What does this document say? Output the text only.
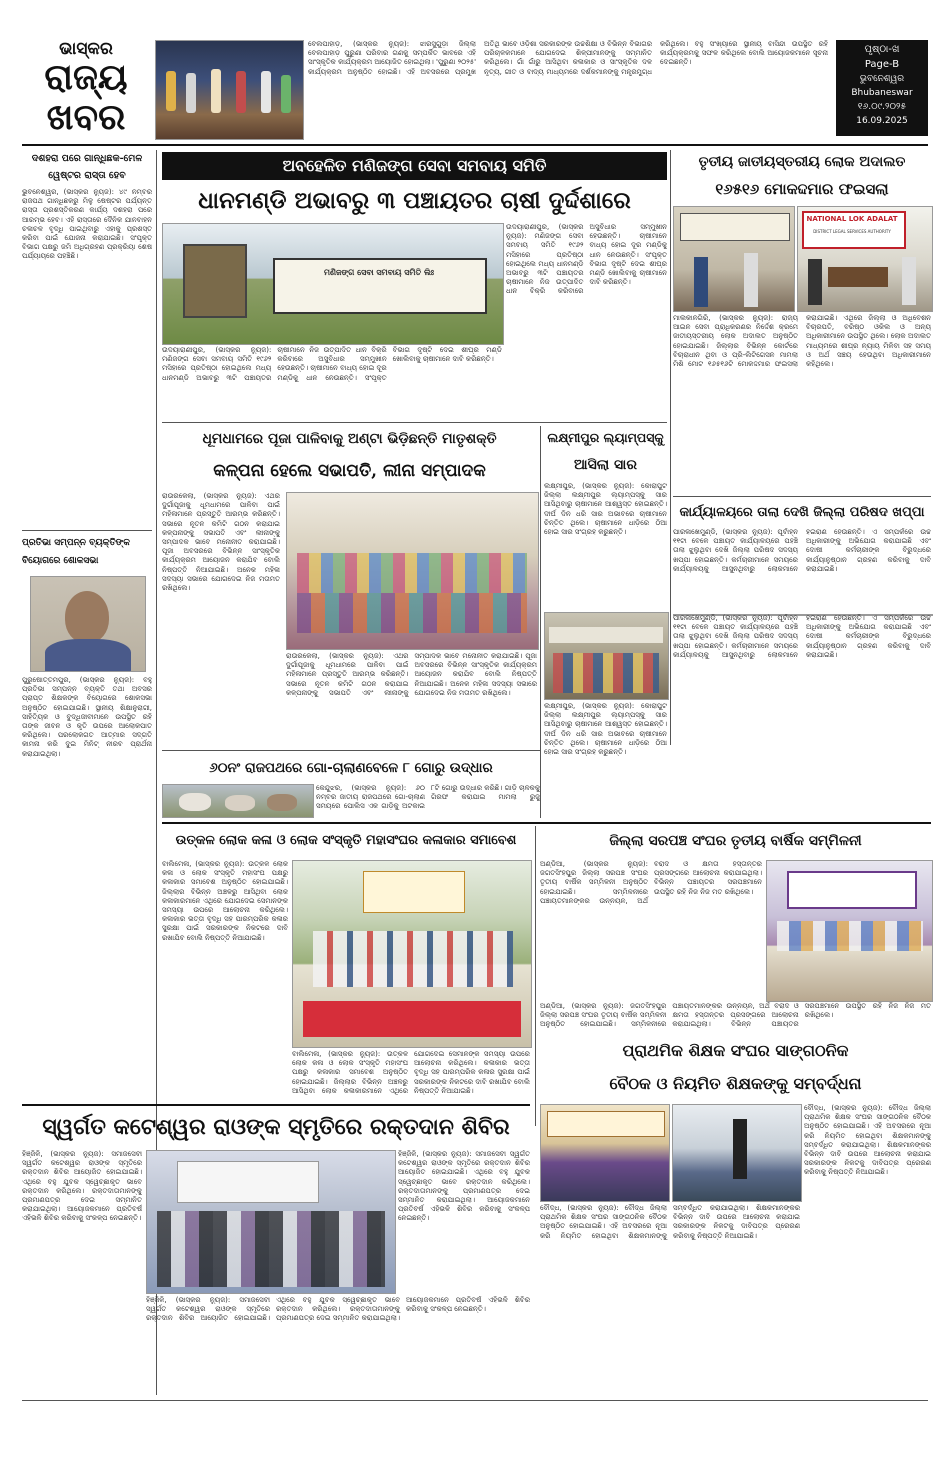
ଭାସ୍କର
ରାଜ୍ୟ
ଖବର
ବେଲପାହାଡ଼, (ଭାସ୍କର ନ୍ୟୁଜ): ଝାରସୁଗୁଡ଼ା ଜିଲ୍ଲା ବେଲପାହାଡ଼ ପୁରୁଣା ପରିବାର ଗଣକୁ ସମ୍ପର୍କିତ ଭାବରେ ଏହି ସାଂସ୍କୃତିକ କାର୍ଯ୍ୟକ୍ରମ ଆୟୋଜିତ ହୋଇଥିଲା। 'ପୁରୁଣା ୨୦୨୫' କାର୍ଯ୍ୟକ୍ରମ ଅନୁଷ୍ଠିତ ହୋଇଛି। ଏହି ଅବସରରେ ପ୍ରମୁଖ ଅତିଥି ଭାବେ ଓଡ଼ିଶା ସରକାରଙ୍କ ଉଚ୍ଚଶିକ୍ଷା ଓ ବିଭିନ୍ନ ବିଭାଗର ପରିଚାଳକମାନେ ଯୋଗଦେଇ ଶିଳ୍ପୀମାନଙ୍କୁ ସମ୍ମାନିତ କରିଥିଲେ। ଗାଁ ଗାଁରୁ ଆସିଥିବା କଳାକାର ଓ ସାଂସ୍କୃତିକ ଦଳ ନୃତ୍ୟ, ଗୀତ ଓ ବାଦ୍ୟ ମାଧ୍ୟମରେ ଦର୍ଶକମାନଙ୍କୁ ମନ୍ତ୍ରମୁଗ୍ଧ କରିଥିଲେ। ବହୁ ସଂଖ୍ୟାରେ ସ୍ଥାନୀୟ ବାସିନ୍ଦା ଉପସ୍ଥିତ ରହି କାର୍ଯ୍ୟକ୍ରମକୁ ସଫଳ କରିଥିଲେ ବୋଲି ଆୟୋଜକମାନେ ସୂଚନା ଦେଇଛନ୍ତି।
ପୃଷ୍ଠା-ଖ
Page-B
ଭୁବନେଶ୍ୱର
Bhubaneswar
୧୬.୦୯.୨୦୨୫
16.09.2025
ଦଶହରା ପରେ ଗାନ୍ଧିଛକ-ମେଳ ୱେଷ୍ଟର ରାସ୍ତା ହେବ
ଭୁବନେଶ୍ୱର, (ଭାସ୍କର ନ୍ୟୁଜ): ୪୯ ନମ୍ବର ରାଜପଥ ଗାନ୍ଧିଛକରୁ ମିଳୁ ଷେଷ୍ଟର ପର୍ଯ୍ୟନ୍ତ ରାସ୍ତା ପ୍ରଶସ୍ତିକରଣ କାର୍ଯ୍ୟ ଦଶହରା ପରେ ଆରମ୍ଭ ହେବ। ଏହି ରାସ୍ତାରେ ଦୈନିକ ଯାନବାହନ ଚଳାଚଳ ବୃଦ୍ଧି ପାଇଥିବାରୁ ଏହାକୁ ପ୍ରଶସ୍ତ କରିବା ପାଇଁ ଯୋଜନା କରାଯାଇଛି। ସଂପୃକ୍ତ ବିଭାଗ ପକ୍ଷରୁ ଜମି ଅଧିଗ୍ରହଣ ପ୍ରକ୍ରିୟା ଶେଷ ପର୍ଯ୍ୟାୟରେ ପହଞ୍ଚିଛି।
ପ୍ରତିଭା ସମ୍ପନ୍ନ ବ୍ୟକ୍ତିଙ୍କ ବିୟୋଗରେ ଶୋକସଭା
ପୁରୁଷୋତ୍ତମପୁର, (ଭାସ୍କର ନ୍ୟୁଜ): ବହୁ ପ୍ରତିଭା ସମ୍ପନ୍ନ ବ୍ୟକ୍ତି ତଥା ଅବସର ପ୍ରାପ୍ତ ଶିକ୍ଷକଙ୍କ ବିୟୋଗରେ ଶୋକସଭା ଅନୁଷ୍ଠିତ ହୋଇଯାଇଛି। ସ୍ଥାନୀୟ ଶିକ୍ଷାନୁରାଗୀ, ସାହିତ୍ୟିକ ଓ ବୁଦ୍ଧିଜୀବୀମାନେ ଉପସ୍ଥିତ ରହି ତାଙ୍କ ଜୀବନ ଓ କୃତି ଉପରେ ଆଲୋକପାତ କରିଥିଲେ। ପରଲୋକଗତ ଆତ୍ମାର ସଦ୍‌ଗତି କାମନା କରି ଦୁଇ ମିନିଟ୍ ନୀରବ ପ୍ରାର୍ଥନା କରାଯାଇଥିଲା।
ଅବହେଳିତ ମଣିଜଙ୍ଗ ସେବା ସମବାୟ ସମିତି
ଧାନମଣ୍ଡି ଅଭାବରୁ ୩ ପଞ୍ଚାୟତର ଚାଷୀ ଦୁର୍ଦ୍ଦଶାରେ
ମଣିଜଙ୍ଗ ସେବା ସମବାୟ ସମିତି ଲିଃ
ଉଦୟାରାଣୀପୁର, (ଭାସ୍କର ନ୍ୟୁଜ): ମଣିଜଙ୍ଗ ସେବା ସମବାୟ ସମିତି ୧୯୬୨ ମସିହାରେ ପ୍ରତିଷ୍ଠା ହୋଇଥିଲେ ମଧ୍ୟ ଧାନମଣ୍ଡି ଅଭାବରୁ ୩ଟି ପଞ୍ଚାୟତର ଚାଷୀମାନେ ନିଜ ଉତ୍ପାଦିତ ଧାନ ବିକ୍ରି କରିବାରେ ଅସୁବିଧାର ସମ୍ମୁଖୀନ ହେଉଛନ୍ତି। ଚାଷୀମାନେ ବାଧ୍ୟ ହୋଇ ଦୂର ମଣ୍ଡିକୁ ଧାନ ନେଉଛନ୍ତି। ସଂପୃକ୍ତ ବିଭାଗ ଦୃଷ୍ଟି ଦେଇ ଶୀଘ୍ର ମଣ୍ଡି ଖୋଲିବାକୁ ଚାଷୀମାନେ ଦାବି କରିଛନ୍ତି।
ଉଦୟାରାଣୀପୁର, (ଭାସ୍କର ନ୍ୟୁଜ): ମଣିଜଙ୍ଗ ସେବା ସମବାୟ ସମିତି ୧୯୬୨ ମସିହାରେ ପ୍ରତିଷ୍ଠା ହୋଇଥିଲେ ମଧ୍ୟ ଧାନମଣ୍ଡି ଅଭାବରୁ ୩ଟି ପଞ୍ଚାୟତର ଚାଷୀମାନେ ନିଜ ଉତ୍ପାଦିତ ଧାନ ବିକ୍ରି କରିବାରେ ଅସୁବିଧାର ସମ୍ମୁଖୀନ ହେଉଛନ୍ତି। ଚାଷୀମାନେ ବାଧ୍ୟ ହୋଇ ଦୂର ମଣ୍ଡିକୁ ଧାନ ନେଉଛନ୍ତି। ସଂପୃକ୍ତ ବିଭାଗ ଦୃଷ୍ଟି ଦେଇ ଶୀଘ୍ର ମଣ୍ଡି ଖୋଲିବାକୁ ଚାଷୀମାନେ ଦାବି କରିଛନ୍ତି।
ତୃତୀୟ ଜାତୀୟସ୍ତରୀୟ ଲୋକ ଅଦାଲତ
୧୬୫୧୬ ମୋକଦ୍ଦମାର ଫଇସଲା
NATIONAL LOK ADALAT
DISTRICT LEGAL SERVICES AUTHORITY
ମାଲକାନଗିରି, (ଭାସ୍କର ନ୍ୟୁଜ): ରାଜ୍ୟ ଆଇନ ସେବା ପ୍ରାଧିକରଣର ନିର୍ଦ୍ଦେଶ କ୍ରମେ ଜାତୀୟସ୍ତରୀୟ ଲୋକ ଅଦାଲତ ଅନୁଷ୍ଠିତ ହୋଇଯାଇଛି। ଜିଲ୍ଲାର ବିଭିନ୍ନ କୋର୍ଟରେ ବିଚାରାଧୀନ ଥିବା ଓ ପ୍ରି-ଲିଟିଗେସନ ମାମଲା ମିଶି ମୋଟ ୧୬୫୧୬ଟି ମୋକଦ୍ଦମାର ଫଇସଲା କରାଯାଇଛି। ଏଥିରେ ଜିଲ୍ଲା ଓ ଅଧିବେଶନ ବିଚାରପତି, ବରିଷ୍ଠ ଓକିଲ ଓ ଅନ୍ୟ ଅଧିକାରୀମାନେ ଉପସ୍ଥିତ ଥିଲେ। ଲୋକ ଅଦାଲତ ମାଧ୍ୟମରେ ଶୀଘ୍ର ନ୍ୟାୟ ମିଳିବା ସହ ସମୟ ଓ ଅର୍ଥ ସଞ୍ଚୟ ହେଉଥିବା ଅଧିକାରୀମାନେ କହିଥିଲେ।
ଧୂମଧାମରେ ପୂଜା ପାଳିବାକୁ ଅଣ୍ଟା ଭିଡ଼ିଛନ୍ତି ମାତୃଶକ୍ତି
କଳ୍ପନା ହେଲେ ସଭାପତି, ଲୀନା ସମ୍ପାଦକ
ରାଉରକେଲା, (ଭାସ୍କର ନ୍ୟୁଜ): ଏଥର ଦୁର୍ଗାପୂଜାକୁ ଧୂମଧାମରେ ପାଳିବା ପାଇଁ ମହିଳାମାନେ ପ୍ରସ୍ତୁତି ଆରମ୍ଭ କରିଛନ୍ତି। ସଭାରେ ନୂତନ କମିଟି ଗଠନ କରାଯାଇ କଳ୍ପନାଙ୍କୁ ସଭାପତି ଏବଂ ଲୀନାଙ୍କୁ ସମ୍ପାଦକ ଭାବେ ମନୋନୀତ କରାଯାଇଛି। ପୂଜା ଅବସରରେ ବିଭିନ୍ନ ସାଂସ୍କୃତିକ କାର୍ଯ୍ୟକ୍ରମ ଆୟୋଜନ କରାଯିବ ବୋଲି ନିଷ୍ପତ୍ତି ନିଆଯାଇଛି। ଅନେକ ମହିଳା ସଦସ୍ୟା ସଭାରେ ଯୋଗଦେଇ ନିଜ ମତାମତ ରଖିଥିଲେ।
ରାଉରକେଲା, (ଭାସ୍କର ନ୍ୟୁଜ): ଏଥର ଦୁର୍ଗାପୂଜାକୁ ଧୂମଧାମରେ ପାଳିବା ପାଇଁ ମହିଳାମାନେ ପ୍ରସ୍ତୁତି ଆରମ୍ଭ କରିଛନ୍ତି। ସଭାରେ ନୂତନ କମିଟି ଗଠନ କରାଯାଇ କଳ୍ପନାଙ୍କୁ ସଭାପତି ଏବଂ ଲୀନାଙ୍କୁ ସମ୍ପାଦକ ଭାବେ ମନୋନୀତ କରାଯାଇଛି। ପୂଜା ଅବସରରେ ବିଭିନ୍ନ ସାଂସ୍କୃତିକ କାର୍ଯ୍ୟକ୍ରମ ଆୟୋଜନ କରାଯିବ ବୋଲି ନିଷ୍ପତ୍ତି ନିଆଯାଇଛି। ଅନେକ ମହିଳା ସଦସ୍ୟା ସଭାରେ ଯୋଗଦେଇ ନିଜ ମତାମତ ରଖିଥିଲେ।
ଲକ୍ଷ୍ମୀପୁର ଲ୍ୟାମ୍ପସ୍‌କୁ
ଆସିଲା ସାର
ଲକ୍ଷ୍ମୀପୁର, (ଭାସ୍କର ନ୍ୟୁଜ): କୋରାପୁଟ ଜିଲ୍ଲା ଲକ୍ଷ୍ମୀପୁର ଲ୍ୟାମ୍ପସ୍‌କୁ ସାର ଆସିଥିବାରୁ ଚାଷୀମାନେ ଆଶ୍ୱସ୍ତ ହୋଇଛନ୍ତି। ଦୀର୍ଘ ଦିନ ଧରି ସାର ଅଭାବରେ ଚାଷୀମାନେ ଚିନ୍ତିତ ଥିଲେ। ଚାଷୀମାନେ ଧାଡ଼ିରେ ଠିଆ ହୋଇ ସାର ସଂଗ୍ରହ କରୁଛନ୍ତି।
ଲକ୍ଷ୍ମୀପୁର, (ଭାସ୍କର ନ୍ୟୁଜ): କୋରାପୁଟ ଜିଲ୍ଲା ଲକ୍ଷ୍ମୀପୁର ଲ୍ୟାମ୍ପସ୍‌କୁ ସାର ଆସିଥିବାରୁ ଚାଷୀମାନେ ଆଶ୍ୱସ୍ତ ହୋଇଛନ୍ତି। ଦୀର୍ଘ ଦିନ ଧରି ସାର ଅଭାବରେ ଚାଷୀମାନେ ଚିନ୍ତିତ ଥିଲେ। ଚାଷୀମାନେ ଧାଡ଼ିରେ ଠିଆ ହୋଇ ସାର ସଂଗ୍ରହ କରୁଛନ୍ତି।
କାର୍ଯ୍ୟାଳୟରେ ତାଲା ଦେଖି ଜିଲ୍ଲା ପରିଷଦ ଖପ୍ପା
ପାରଳାଖେମୁଣ୍ଡି, (ଭାସ୍କର ନ୍ୟୁଜ): ପୂର୍ବାହ୍ନ ୧୧ଟା ବେଳେ ପଞ୍ଚାୟତ କାର୍ଯ୍ୟାଳୟରେ ପହଞ୍ଚି ତାଲା ଝୁଲୁଥିବା ଦେଖି ଜିଲ୍ଲା ପରିଷଦ ସଦସ୍ୟ ଖପ୍ପା ହୋଇଛନ୍ତି। କର୍ମଚାରୀମାନେ ସମୟରେ କାର୍ଯ୍ୟାଳୟକୁ ଆସୁନଥିବାରୁ ଲୋକମାନେ ହଇରାଣ ହେଉଛନ୍ତି। ଏ ସମ୍ପର୍କରେ ଉଚ୍ଚ ଅଧିକାରୀଙ୍କୁ ଅଭିଯୋଗ କରାଯାଇଛି ଏବଂ ଦୋଷୀ କର୍ମଚାରୀଙ୍କ ବିରୁଦ୍ଧରେ କାର୍ଯ୍ୟାନୁଷ୍ଠାନ ଗ୍ରହଣ କରିବାକୁ ଦାବି କରାଯାଇଛି।
ପାରଳାଖେମୁଣ୍ଡି, (ଭାସ୍କର ନ୍ୟୁଜ): ପୂର୍ବାହ୍ନ ୧୧ଟା ବେଳେ ପଞ୍ଚାୟତ କାର୍ଯ୍ୟାଳୟରେ ପହଞ୍ଚି ତାଲା ଝୁଲୁଥିବା ଦେଖି ଜିଲ୍ଲା ପରିଷଦ ସଦସ୍ୟ ଖପ୍ପା ହୋଇଛନ୍ତି। କର୍ମଚାରୀମାନେ ସମୟରେ କାର୍ଯ୍ୟାଳୟକୁ ଆସୁନଥିବାରୁ ଲୋକମାନେ ହଇରାଣ ହେଉଛନ୍ତି। ଏ ସମ୍ପର୍କରେ ଉଚ୍ଚ ଅଧିକାରୀଙ୍କୁ ଅଭିଯୋଗ କରାଯାଇଛି ଏବଂ ଦୋଷୀ କର୍ମଚାରୀଙ୍କ ବିରୁଦ୍ଧରେ କାର୍ଯ୍ୟାନୁଷ୍ଠାନ ଗ୍ରହଣ କରିବାକୁ ଦାବି କରାଯାଇଛି।
୬୦ନଂ ରାଜପଥରେ ଗୋ-ଚାଲାଣବେଳେ ୮ ଗୋରୁ ଉଦ୍ଧାର
କେନ୍ଦୁଝର, (ଭାସ୍କର ନ୍ୟୁଜ): ୬୦ ନମ୍ବର ଜାତୀୟ ରାଜପଥରେ ଗୋ-ଚାଲାଣ ସମୟରେ ପୋଲିସ ଏକ ଗାଡ଼ିକୁ ଅଟକାଇ ୮ଟି ଗୋରୁ ଉଦ୍ଧାର କରିଛି। ଗାଡ଼ି ଚାଳକକୁ ଗିରଫ କରାଯାଇ ମାମଲା ରୁଜୁ
ଉତ୍କଳ ଲୋକ କଳା ଓ ଲୋକ ସଂସ୍କୃତି ମହାସଂଘର କଳାକାର ସମାବେଶ
ବାଲିମେଳା, (ଭାସ୍କର ନ୍ୟୁଜ): ଉତ୍କଳ ଲୋକ କଳା ଓ ଲୋକ ସଂସ୍କୃତି ମହାସଂଘ ପକ୍ଷରୁ କଳାକାର ସମାବେଶ ଅନୁଷ୍ଠିତ ହୋଇଯାଇଛି। ଜିଲ୍ଲାର ବିଭିନ୍ନ ଅଞ୍ଚଳରୁ ଆସିଥିବା ଲୋକ କଳାକାରମାନେ ଏଥିରେ ଯୋଗଦେଇ ସେମାନଙ୍କ ସମସ୍ୟା ଉପରେ ଆଲୋଚନା କରିଥିଲେ। କଳାକାର ଭତ୍ତା ବୃଦ୍ଧି ସହ ପାରମ୍ପରିକ କଳାର ସୁରକ୍ଷା ପାଇଁ ସରକାରଙ୍କ ନିକଟରେ ଦାବି ରଖାଯିବ ବୋଲି ନିଷ୍ପତ୍ତି ନିଆଯାଇଛି।
ବାଲିମେଳା, (ଭାସ୍କର ନ୍ୟୁଜ): ଉତ୍କଳ ଲୋକ କଳା ଓ ଲୋକ ସଂସ୍କୃତି ମହାସଂଘ ପକ୍ଷରୁ କଳାକାର ସମାବେଶ ଅନୁଷ୍ଠିତ ହୋଇଯାଇଛି। ଜିଲ୍ଲାର ବିଭିନ୍ନ ଅଞ୍ଚଳରୁ ଆସିଥିବା ଲୋକ କଳାକାରମାନେ ଏଥିରେ ଯୋଗଦେଇ ସେମାନଙ୍କ ସମସ୍ୟା ଉପରେ ଆଲୋଚନା କରିଥିଲେ। କଳାକାର ଭତ୍ତା ବୃଦ୍ଧି ସହ ପାରମ୍ପରିକ କଳାର ସୁରକ୍ଷା ପାଇଁ ସରକାରଙ୍କ ନିକଟରେ ଦାବି ରଖାଯିବ ବୋଲି ନିଷ୍ପତ୍ତି ନିଆଯାଇଛି।
ଜିଲ୍ଲା ସରପଞ୍ଚ ସଂଘର ତୃତୀୟ ବାର୍ଷିକ ସମ୍ମିଳନୀ
ଅଣ୍ଡିଆ, (ଭାସ୍କର ନ୍ୟୁଜ): ଜଗତସିଂହପୁର ଜିଲ୍ଲା ସରପଞ୍ଚ ସଂଘର ତୃତୀୟ ବାର୍ଷିକ ସମ୍ମିଳନୀ ଅନୁଷ୍ଠିତ ହୋଇଯାଇଛି। ସମ୍ମିଳନୀରେ ପଞ୍ଚାୟତମାନଙ୍କର ଉନ୍ନୟନ, ଅର୍ଥ ବରାଦ ଓ କ୍ଷମତା ହସ୍ତାନ୍ତର ପ୍ରସଙ୍ଗରେ ଆଲୋଚନା କରାଯାଇଥିଲା। ବିଭିନ୍ନ ପଞ୍ଚାୟତର ସରପଞ୍ଚମାନେ ଉପସ୍ଥିତ ରହି ନିଜ ନିଜ ମତ ରଖିଥିଲେ।
ଅଣ୍ଡିଆ, (ଭାସ୍କର ନ୍ୟୁଜ): ଜଗତସିଂହପୁର ଜିଲ୍ଲା ସରପଞ୍ଚ ସଂଘର ତୃତୀୟ ବାର୍ଷିକ ସମ୍ମିଳନୀ ଅନୁଷ୍ଠିତ ହୋଇଯାଇଛି। ସମ୍ମିଳନୀରେ ପଞ୍ଚାୟତମାନଙ୍କର ଉନ୍ନୟନ, ଅର୍ଥ ବରାଦ ଓ କ୍ଷମତା ହସ୍ତାନ୍ତର ପ୍ରସଙ୍ଗରେ ଆଲୋଚନା କରାଯାଇଥିଲା। ବିଭିନ୍ନ ପଞ୍ଚାୟତର ସରପଞ୍ଚମାନେ ଉପସ୍ଥିତ ରହି ନିଜ ନିଜ ମତ ରଖିଥିଲେ।
ପ୍ରାଥମିକ ଶିକ୍ଷକ ସଂଘର ସାଙ୍ଗଠନିକ
ବୈଠକ ଓ ନିୟମିତ ଶିକ୍ଷକଙ୍କୁ ସମ୍ବର୍ଦ୍ଧନା
ସ୍ୱର୍ଗତ କଟେଶ୍ୱର ରାଓଙ୍କ ସ୍ମୃତିରେ ରକ୍ତଦାନ ଶିବିର
ହିଞ୍ଜିଳି, (ଭାସ୍କର ନ୍ୟୁଜ): ସମାଜସେବୀ ସ୍ୱର୍ଗତ କଟେଶ୍ୱର ରାଓଙ୍କ ସ୍ମୃତିରେ ରକ୍ତଦାନ ଶିବିର ଆୟୋଜିତ ହୋଇଯାଇଛି। ଏଥିରେ ବହୁ ଯୁବକ ସ୍ୱେଚ୍ଛାକୃତ ଭାବେ ରକ୍ତଦାନ କରିଥିଲେ। ରକ୍ତଦାତାମାନଙ୍କୁ ପ୍ରମାଣପତ୍ର ଦେଇ ସମ୍ମାନିତ କରାଯାଇଥିଲା। ଆୟୋଜକମାନେ ପ୍ରତିବର୍ଷ ଏହିଭଳି ଶିବିର କରିବାକୁ ସଂକଳ୍ପ ନେଇଛନ୍ତି।
ହିଞ୍ଜିଳି, (ଭାସ୍କର ନ୍ୟୁଜ): ସମାଜସେବୀ ସ୍ୱର୍ଗତ କଟେଶ୍ୱର ରାଓଙ୍କ ସ୍ମୃତିରେ ରକ୍ତଦାନ ଶିବିର ଆୟୋଜିତ ହୋଇଯାଇଛି। ଏଥିରେ ବହୁ ଯୁବକ ସ୍ୱେଚ୍ଛାକୃତ ଭାବେ ରକ୍ତଦାନ କରିଥିଲେ। ରକ୍ତଦାତାମାନଙ୍କୁ ପ୍ରମାଣପତ୍ର ଦେଇ ସମ୍ମାନିତ କରାଯାଇଥିଲା। ଆୟୋଜକମାନେ ପ୍ରତିବର୍ଷ ଏହିଭଳି ଶିବିର କରିବାକୁ ସଂକଳ୍ପ ନେଇଛନ୍ତି।
ହିଞ୍ଜିଳି, (ଭାସ୍କର ନ୍ୟୁଜ): ସମାଜସେବୀ ସ୍ୱର୍ଗତ କଟେଶ୍ୱର ରାଓଙ୍କ ସ୍ମୃତିରେ ରକ୍ତଦାନ ଶିବିର ଆୟୋଜିତ ହୋଇଯାଇଛି। ଏଥିରେ ବହୁ ଯୁବକ ସ୍ୱେଚ୍ଛାକୃତ ଭାବେ ରକ୍ତଦାନ କରିଥିଲେ। ରକ୍ତଦାତାମାନଙ୍କୁ ପ୍ରମାଣପତ୍ର ଦେଇ ସମ୍ମାନିତ କରାଯାଇଥିଲା। ଆୟୋଜକମାନେ ପ୍ରତିବର୍ଷ ଏହିଭଳି ଶିବିର କରିବାକୁ ସଂକଳ୍ପ ନେଇଛନ୍ତି।
ବୌଦ୍ଧ, (ଭାସ୍କର ନ୍ୟୁଜ): ବୌଦ୍ଧ ଜିଲ୍ଲା ପ୍ରାଥମିକ ଶିକ୍ଷକ ସଂଘର ସାଙ୍ଗଠନିକ ବୈଠକ ଅନୁଷ୍ଠିତ ହୋଇଯାଇଛି। ଏହି ଅବସରରେ ନୂଆ କରି ନିୟମିତ ହୋଇଥିବା ଶିକ୍ଷକମାନଙ୍କୁ ସମ୍ବର୍ଦ୍ଧିତ କରାଯାଇଥିଲା। ଶିକ୍ଷକମାନଙ୍କର ବିଭିନ୍ନ ଦାବି ଉପରେ ଆଲୋଚନା କରାଯାଇ ସରକାରଙ୍କ ନିକଟକୁ ଦାବିପତ୍ର ପ୍ରେରଣ କରିବାକୁ ନିଷ୍ପତ୍ତି ନିଆଯାଇଛି।
ବୌଦ୍ଧ, (ଭାସ୍କର ନ୍ୟୁଜ): ବୌଦ୍ଧ ଜିଲ୍ଲା ପ୍ରାଥମିକ ଶିକ୍ଷକ ସଂଘର ସାଙ୍ଗଠନିକ ବୈଠକ ଅନୁଷ୍ଠିତ ହୋଇଯାଇଛି। ଏହି ଅବସରରେ ନୂଆ କରି ନିୟମିତ ହୋଇଥିବା ଶିକ୍ଷକମାନଙ୍କୁ ସମ୍ବର୍ଦ୍ଧିତ କରାଯାଇଥିଲା। ଶିକ୍ଷକମାନଙ୍କର ବିଭିନ୍ନ ଦାବି ଉପରେ ଆଲୋଚନା କରାଯାଇ ସରକାରଙ୍କ ନିକଟକୁ ଦାବିପତ୍ର ପ୍ରେରଣ କରିବାକୁ ନିଷ୍ପତ୍ତି ନିଆଯାଇଛି।
